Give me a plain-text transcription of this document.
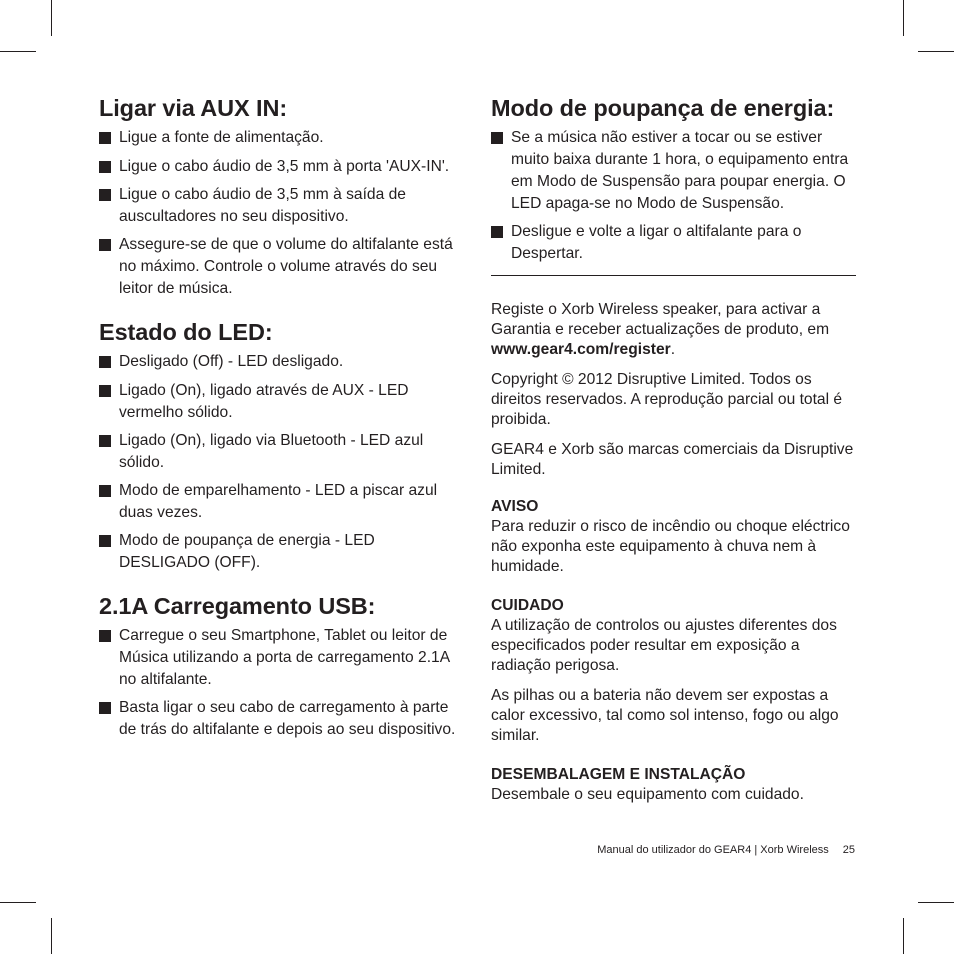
Ligar via AUX IN:
Ligue a fonte de alimentação.
Ligue o cabo áudio de 3,5 mm à porta 'AUX-IN'.
Ligue o cabo áudio de 3,5 mm à saída de auscultadores no seu dispositivo.
Assegure-se de que o volume do altifalante está no máximo. Controle o volume através do seu leitor de música.
Estado do LED:
Desligado (Off) - LED desligado.
Ligado (On), ligado através de AUX - LED vermelho sólido.
Ligado (On), ligado via Bluetooth - LED azul sólido.
Modo de emparelhamento - LED a piscar azul duas vezes.
Modo de poupança de energia - LED DESLIGADO (OFF).
2.1A Carregamento USB:
Carregue o seu Smartphone, Tablet ou leitor de Música utilizando a porta de carregamento 2.1A no altifalante.
Basta ligar o seu cabo de carregamento à parte de trás do altifalante e depois ao seu dispositivo.
Modo de poupança de energia:
Se a música não estiver a tocar ou se estiver muito baixa durante 1 hora, o equipamento entra em Modo de Suspensão para poupar energia. O LED apaga-se no Modo de Suspensão.
Desligue e volte a ligar o altifalante para o Despertar.

Registe o Xorb Wireless speaker, para activar a Garantia e receber actualizações de produto, em www.gear4.com/register.

Copyright © 2012 Disruptive Limited. Todos os direitos reservados. A reprodução parcial ou total é proibida.

GEAR4 e Xorb são marcas comerciais da Disruptive Limited.

AVISO

Para reduzir o risco de incêndio ou choque eléctrico não exponha este equipamento à chuva nem à humidade.

CUIDADO

A utilização de controlos ou ajustes diferentes dos especificados poder resultar em exposição a radiação perigosa.

As pilhas ou a bateria não devem ser expostas a calor excessivo, tal como sol intenso, fogo ou algo similar.

DESEMBALAGEM E INSTALAÇÃO

Desembale o seu equipamento com cuidado.

Manual do utilizador do GEAR4 | Xorb Wireless 25
